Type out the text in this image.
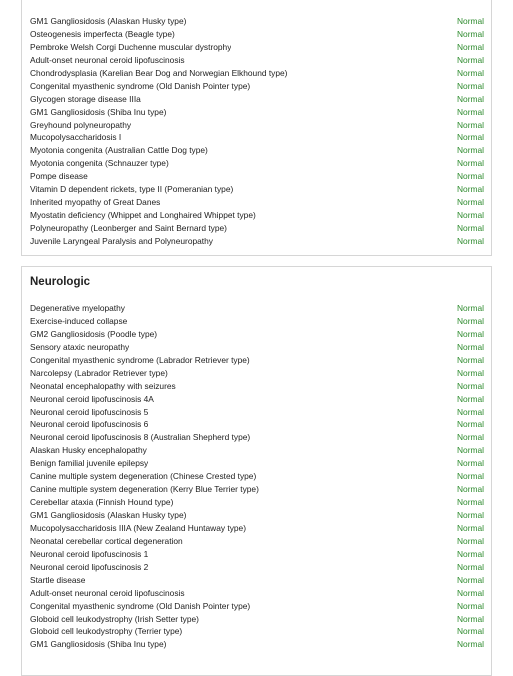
GM1 Gangliosidosis (Alaskan Husky type)	Normal
Osteogenesis imperfecta (Beagle type)	Normal
Pembroke Welsh Corgi Duchenne muscular dystrophy	Normal
Adult-onset neuronal ceroid lipofuscinosis	Normal
Chondrodysplasia (Karelian Bear Dog and Norwegian Elkhound type)	Normal
Congenital myasthenic syndrome (Old Danish Pointer type)	Normal
Glycogen storage disease IIIa	Normal
GM1 Gangliosidosis (Shiba Inu type)	Normal
Greyhound polyneuropathy	Normal
Mucopolysaccharidosis I	Normal
Myotonia congenita (Australian Cattle Dog type)	Normal
Myotonia congenita (Schnauzer type)	Normal
Pompe disease	Normal
Vitamin D dependent rickets, type II (Pomeranian type)	Normal
Inherited myopathy of Great Danes	Normal
Myostatin deficiency (Whippet and Longhaired Whippet type)	Normal
Polyneuropathy (Leonberger and Saint Bernard type)	Normal
Juvenile Laryngeal Paralysis and Polyneuropathy	Normal
Neurologic
Degenerative myelopathy	Normal
Exercise-induced collapse	Normal
GM2 Gangliosidosis (Poodle type)	Normal
Sensory ataxic neuropathy	Normal
Congenital myasthenic syndrome (Labrador Retriever type)	Normal
Narcolepsy (Labrador Retriever type)	Normal
Neonatal encephalopathy with seizures	Normal
Neuronal ceroid lipofuscinosis 4A	Normal
Neuronal ceroid lipofuscinosis 5	Normal
Neuronal ceroid lipofuscinosis 6	Normal
Neuronal ceroid lipofuscinosis 8 (Australian Shepherd type)	Normal
Alaskan Husky encephalopathy	Normal
Benign familial juvenile epilepsy	Normal
Canine multiple system degeneration (Chinese Crested type)	Normal
Canine multiple system degeneration (Kerry Blue Terrier type)	Normal
Cerebellar ataxia (Finnish Hound type)	Normal
GM1 Gangliosidosis (Alaskan Husky type)	Normal
Mucopolysaccharidosis IIIA (New Zealand Huntaway type)	Normal
Neonatal cerebellar cortical degeneration	Normal
Neuronal ceroid lipofuscinosis 1	Normal
Neuronal ceroid lipofuscinosis 2	Normal
Startle disease	Normal
Adult-onset neuronal ceroid lipofuscinosis	Normal
Congenital myasthenic syndrome (Old Danish Pointer type)	Normal
Globoid cell leukodystrophy (Irish Setter type)	Normal
Globoid cell leukodystrophy (Terrier type)	Normal
GM1 Gangliosidosis (Shiba Inu type)	Normal
